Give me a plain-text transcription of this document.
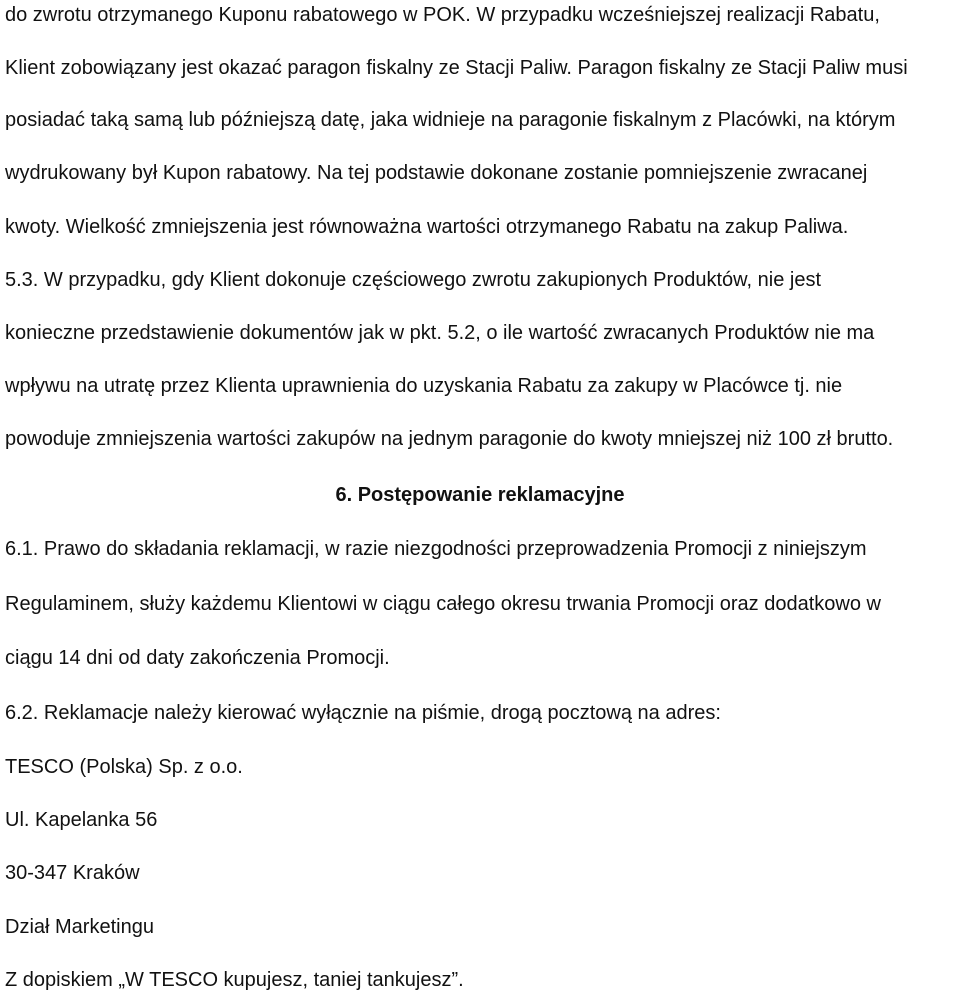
do zwrotu otrzymanego Kuponu rabatowego w POK. W przypadku wcześniejszej realizacji Rabatu,
Klient zobowiązany jest okazać paragon fiskalny ze Stacji Paliw. Paragon fiskalny ze Stacji Paliw musi
posiadać taką samą lub późniejszą datę, jaka widnieje na paragonie fiskalnym z Placówki, na którym
wydrukowany był Kupon rabatowy. Na tej podstawie dokonane zostanie pomniejszenie zwracanej
kwoty. Wielkość zmniejszenia jest równoważna wartości otrzymanego Rabatu na zakup Paliwa.
5.3. W przypadku, gdy Klient dokonuje częściowego zwrotu zakupionych Produktów, nie jest
konieczne przedstawienie dokumentów jak w pkt. 5.2, o ile wartość zwracanych Produktów nie ma
wpływu na utratę przez Klienta uprawnienia do uzyskania Rabatu za zakupy w Placówce tj. nie
powoduje zmniejszenia wartości zakupów na jednym paragonie do kwoty mniejszej niż 100 zł brutto.
6. Postępowanie reklamacyjne
6.1. Prawo do składania reklamacji, w razie niezgodności przeprowadzenia Promocji z niniejszym
Regulaminem, służy każdemu Klientowi w ciągu całego okresu trwania Promocji oraz dodatkowo w
ciągu 14 dni od daty zakończenia Promocji.
6.2. Reklamacje należy kierować wyłącznie na piśmie, drogą pocztową na adres:
TESCO (Polska) Sp. z o.o.
Ul. Kapelanka 56
30-347 Kraków
Dział Marketingu
Z dopiskiem „W TESCO kupujesz, taniej tankujesz”.
